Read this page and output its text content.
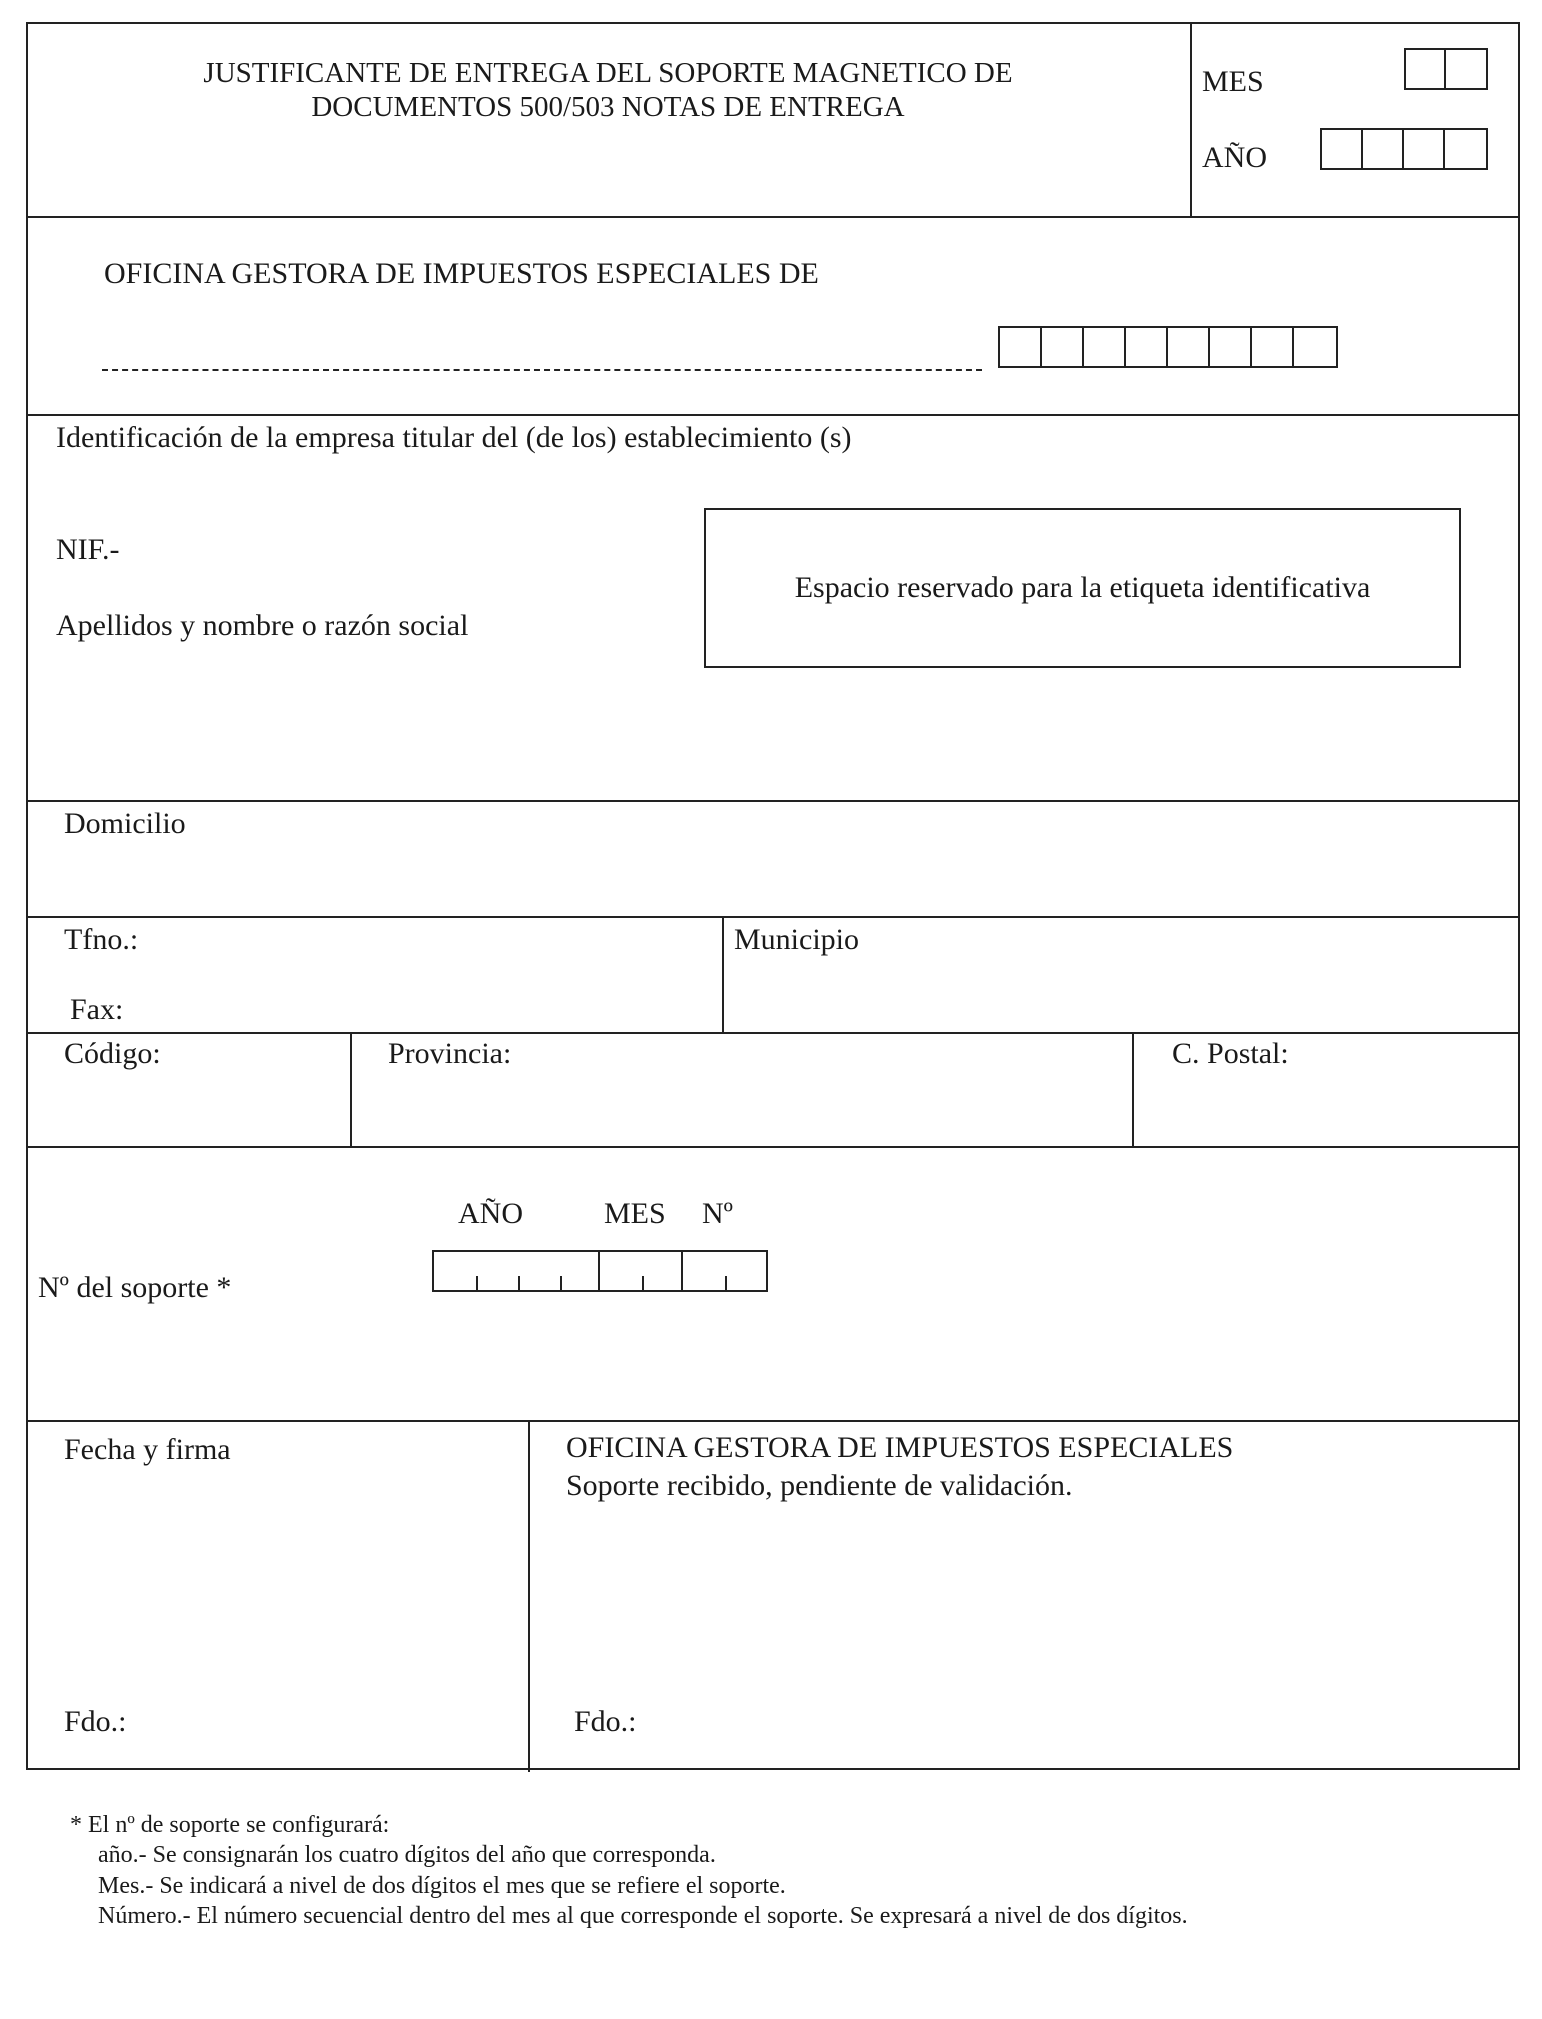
JUSTIFICANTE DE ENTREGA DEL SOPORTE MAGNETICO DE
DOCUMENTOS 500/503 NOTAS DE ENTREGA
MES
AÑO
OFICINA GESTORA DE IMPUESTOS ESPECIALES DE
Identificación de la empresa titular del (de los) establecimiento (s)
NIF.-
Apellidos y nombre o razón social
Espacio reservado para la etiqueta identificativa
Domicilio
Tfno.:
Fax:
Municipio
Código:	Provincia:	C. Postal:
AÑO	MES Nº
Nº del soporte *
Fecha y firma
Fdo.:
OFICINA GESTORA DE IMPUESTOS ESPECIALES
Soporte recibido, pendiente de validación.
Fdo.:
* El nº de soporte se configurará:
año.- Se consignarán los cuatro dígitos del año que corresponda.
Mes.- Se indicará a nivel de dos dígitos el mes que se refiere el soporte.
Número.- El número secuencial dentro del mes al que corresponde el soporte. Se expresará a nivel de dos dígitos.
